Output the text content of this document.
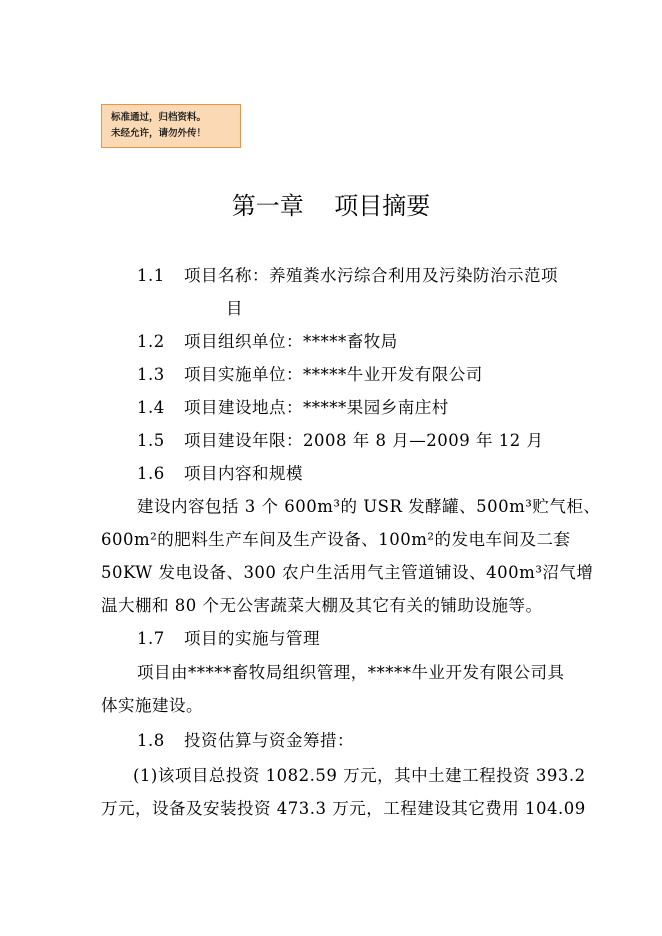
标准通过，归档资料。
未经允许，请勿外传！
第一章    项目摘要
1.1 项目名称：养殖粪水污综合利用及污染防治示范项
目
1.2 项目组织单位：*****畜牧局
1.3 项目实施单位：*****牛业开发有限公司
1.4 项目建设地点：*****果园乡南庄村
1.5 项目建设年限：2008 年 8 月—2009 年 12 月
1.6 项目内容和规模
建设内容包括 3 个 600m³的 USR 发酵罐、500m³贮气柜、
600m²的肥料生产车间及生产设备、100m²的发电车间及二套
50KW 发电设备、300 农户生活用气主管道铺设、400m³沼气增
温大棚和 80 个无公害蔬菜大棚及其它有关的铺助设施等。
1.7 项目的实施与管理
项目由*****畜牧局组织管理，*****牛业开发有限公司具
体实施建设。
1.8 投资估算与资金筹措：
(1)该项目总投资 1082.59 万元，其中土建工程投资 393.2
万元，设备及安装投资 473.3 万元，工程建设其它费用 104.09
